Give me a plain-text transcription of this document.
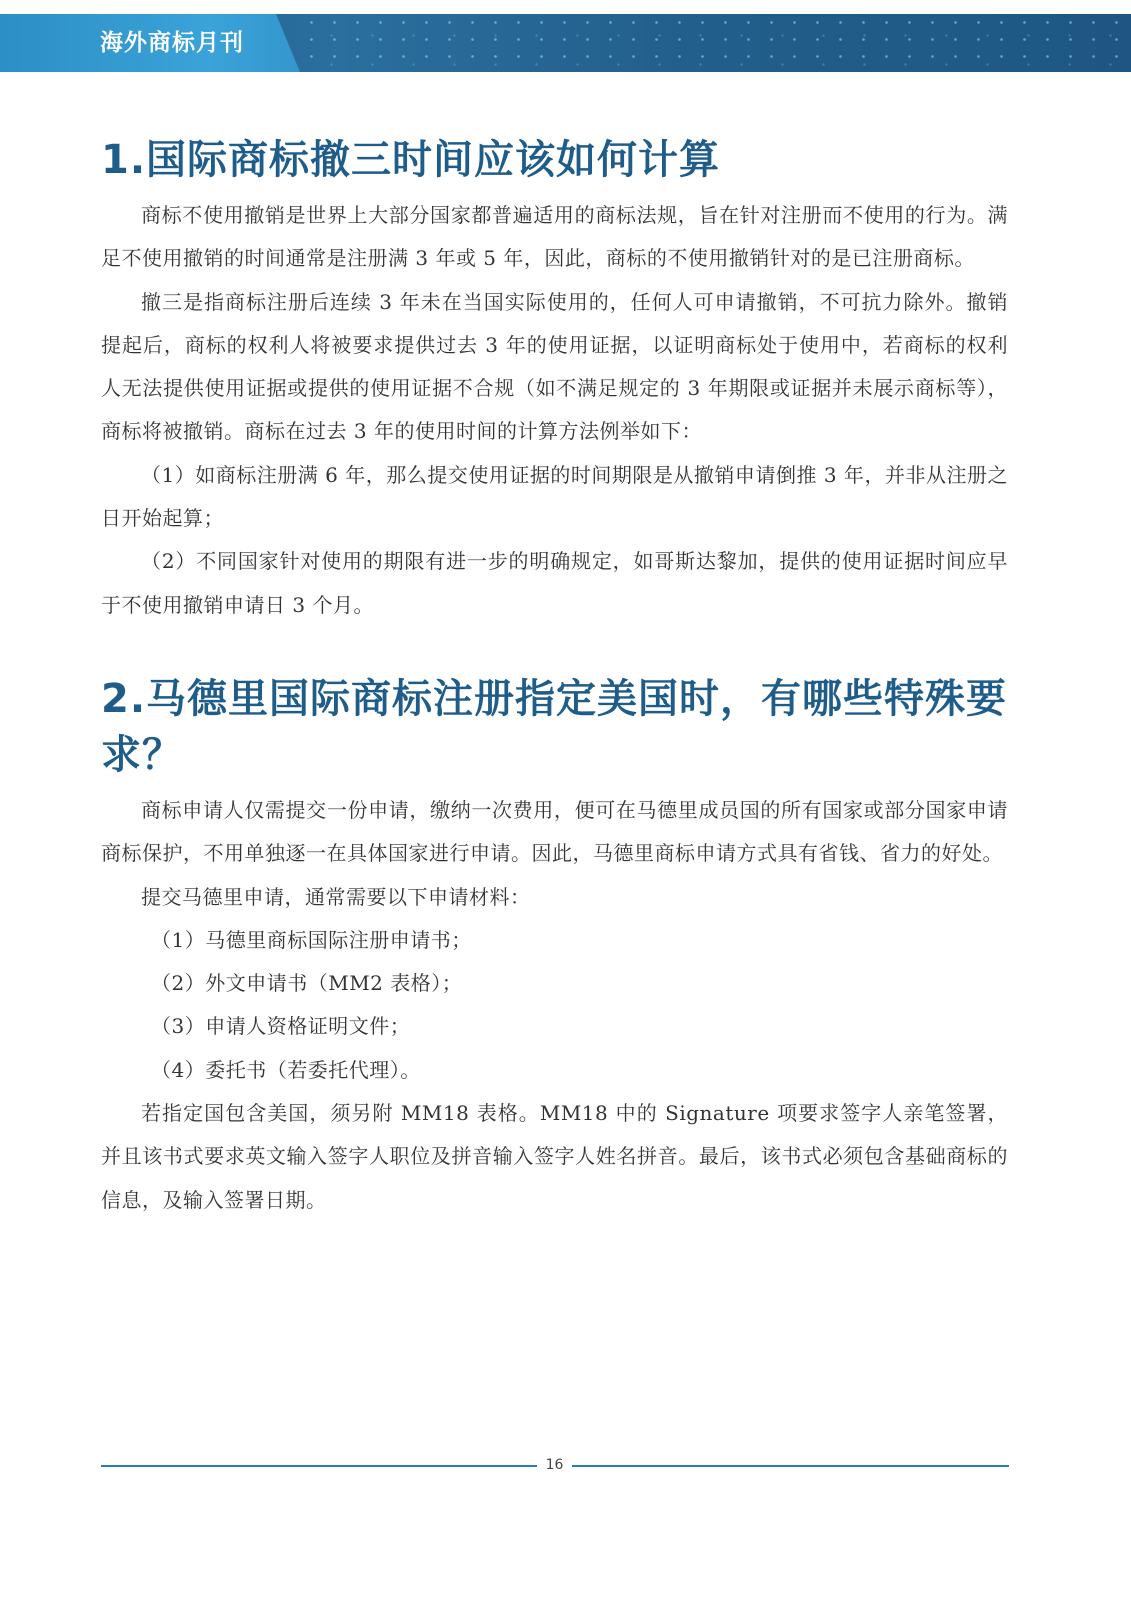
海外商标月刊
1.国际商标撤三时间应该如何计算

商标不使用撤销是世界上大部分国家都普遍适用的商标法规，旨在针对注册而不使用的行为。满足不使用撤销的时间通常是注册满 3 年或 5 年，因此，商标的不使用撤销针对的是已注册商标。

撤三是指商标注册后连续 3 年未在当国实际使用的，任何人可申请撤销，不可抗力除外。撤销提起后，商标的权利人将被要求提供过去 3 年的使用证据，以证明商标处于使用中，若商标的权利人无法提供使用证据或提供的使用证据不合规（如不满足规定的 3 年期限或证据并未展示商标等），商标将被撤销。商标在过去 3 年的使用时间的计算方法例举如下：

（1）如商标注册满 6 年，那么提交使用证据的时间期限是从撤销申请倒推 3 年，并非从注册之日开始起算；

（2）不同国家针对使用的期限有进一步的明确规定，如哥斯达黎加，提供的使用证据时间应早于不使用撤销申请日 3 个月。

2.马德里国际商标注册指定美国时，有哪些特殊要求？

商标申请人仅需提交一份申请，缴纳一次费用，便可在马德里成员国的所有国家或部分国家申请商标保护，不用单独逐一在具体国家进行申请。因此，马德里商标申请方式具有省钱、省力的好处。

提交马德里申请，通常需要以下申请材料：

（1）马德里商标国际注册申请书；

（2）外文申请书（MM2 表格）；

（3）申请人资格证明文件；

（4）委托书（若委托代理）。

若指定国包含美国，须另附 MM18 表格。MM18 中的 Signature 项要求签字人亲笔签署，并且该书式要求英文输入签字人职位及拼音输入签字人姓名拼音。最后，该书式必须包含基础商标的信息，及输入签署日期。

16
